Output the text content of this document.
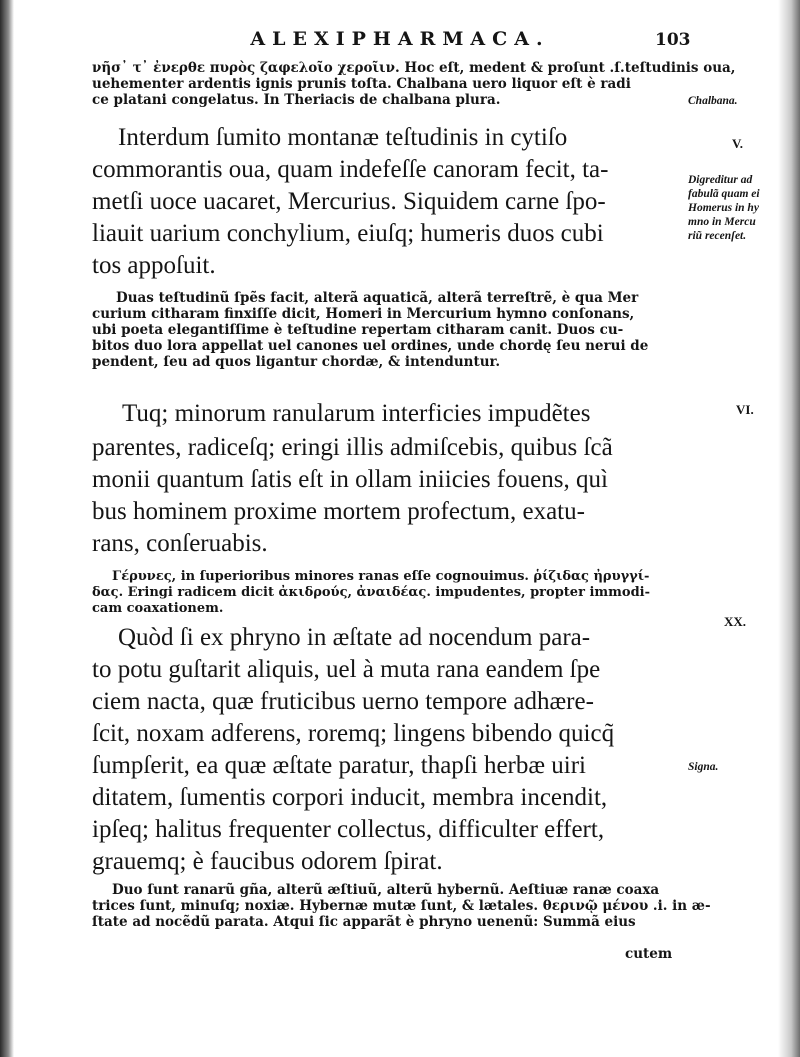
ALEXIPHARMACA.	103
νῆσ᾽ τ᾽ ἐνερθε πυρὸς ζαφελοῖο χεροῖιν. Hoc eſt, medent & proſunt .ſ.teſtudinis oua,
uehementer ardentis ignis prunis toſta. Chalbana uero liquor eſt è radi
ce platani congelatus. In Theriacis de chalbana plura.
Interdum ſumito montanæ teſtudinis in cytiſo
commorantis oua, quam indefeſſe canoram fecit, ta-
metſi uoce uacaret, Mercurius. Siquidem carne ſpo-
liauit uarium conchylium, eiuſq; humeris duos cubi
tos appoſuit.
Duas teſtudinũ ſpẽs facit, alterã aquaticã, alterã terreſtrẽ, è qua Mer
curium citharam finxiſſe dicit, Homeri in Mercurium hymno conſonans,
ubi poeta elegantiſſime è teſtudine repertam citharam canit. Duos cu-
bitos duo lora appellat uel canones uel ordines, unde chordę ſeu nerui de
pendent, ſeu ad quos ligantur chordæ, & intenduntur.
Tuq; minorum ranularum interficies impudẽtes
parentes, radiceſq; eringi illis admiſcebis, quibus ſcã
monii quantum ſatis eſt in ollam iniicies fouens, quì
bus hominem proxime mortem profectum, exatu-
rans, conſeruabis.
Γέρυνες, in ſuperioribus minores ranas eſſe cognouimus. ῥίζιδας ἠρυγγί-
δας. Eringi radicem dicit ἀκιδρούς, ἀναιδέας. impudentes, propter immodi-
cam coaxationem.
Quòd ſi ex phryno in æſtate ad nocendum para-
to potu guſtarit aliquis, uel à muta rana eandem ſpe
ciem nacta, quæ fruticibus uerno tempore adhære-
ſcit, noxam adferens, roremq; lingens bibendo quicq̃
ſumpſerit, ea quæ æſtate paratur, thapſi herbæ uiri
ditatem, ſumentis corpori inducit, membra incendit,
ipſeq; halitus frequenter collectus, difficulter effert,
grauemq; è faucibus odorem ſpirat.
Duo ſunt ranarũ gña, alterũ æſtiuũ, alterũ hybernũ. Aeſtiuæ ranæ coaxa
trices ſunt, minuſq; noxiæ. Hybernæ mutæ ſunt, & lætales. θερινῷ μένου .i. in æ-
ſtate ad nocẽdũ parata. Atqui ſic apparãt è phryno uenenũ: Summã eius
cutem
Chalbana.
V.
Digreditur ad
fabulã quam ei
Homerus in hy
mno in Mercu
riũ recenſet.
VI.
XX.
Signa.
